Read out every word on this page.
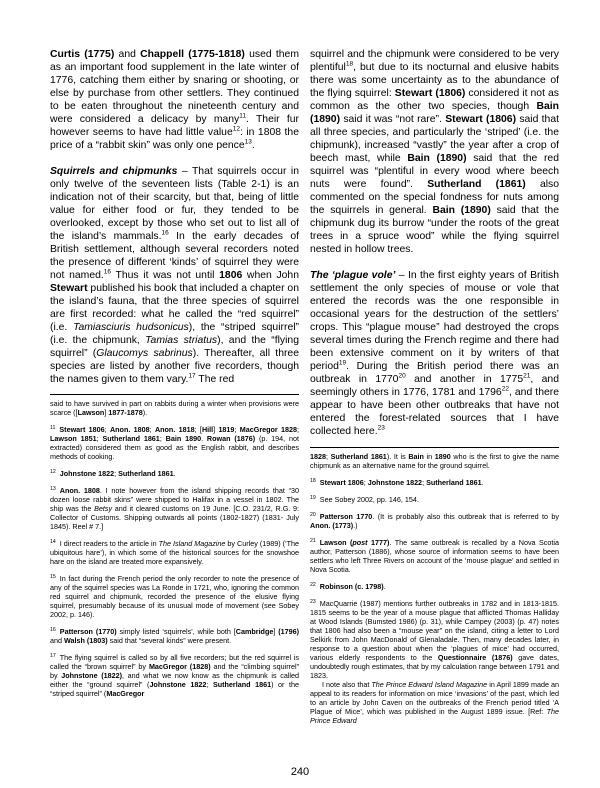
Curtis (1775) and Chappell (1775-1818) used them as an important food supplement in the late winter of 1776, catching them either by snaring or shooting, or else by purchase from other settlers. They continued to be eaten throughout the nineteenth century and were considered a delicacy by many$^{11}$. Their fur however seems to have had little value$^{12}$: in 1808 the price of a “rabbit skin” was only one pence$^{13}$.

Squirrels and chipmunks – That squirrels occur in only twelve of the seventeen lists (Table 2-1) is an indication not of their scarcity, but that, being of little value for either food or fur, they tended to be overlooked, except by those who set out to list all of the island’s mammals.$^{16}$ In the early decades of British settlement, although several recorders noted the presence of different ‘kinds’ of squirrel they were not named.$^{16}$ Thus it was not until 1806 when John Stewart published his book that included a chapter on the island’s fauna, that the three species of squirrel are first recorded: what he called the “red squirrel” (i.e. Tamiasciuris hudsonicus), the “striped squirrel” (i.e. the chipmunk, Tamias striatus), and the “flying squirrel” (Glaucomys sabrinus). Thereafter, all three species are listed by another five recorders, though the names given to them vary.$^{17}$ The red

said to have survived in part on rabbits during a winter when provisions were scarce ([Lawson] 1877-1878).

$^{11}$ Stewart 1806; Anon. 1808; Anon. 1818; [Hill] 1819; MacGregor 1828; Lawson 1851; Sutherland 1861; Bain 1890. Rowan (1876) (p. 194, not extracted) considered them as good as the English rabbit, and describes methods of cooking.

$^{12}$ Johnstone 1822; Sutherland 1861.

$^{13}$ Anon. 1808. I note however from the island shipping records that “30 dozen loose rabbit skins” were shipped to Halifax in a vessel in 1802. The ship was the Betsy and it cleared customs on 19 June. [C.O. 231/2, R.G. 9: Collector of Customs. Shipping outwards all points (1802-1827) (1831- July 1845). Reel # 7.]

$^{14}$ I direct readers to the article in The Island Magazine by Curley (1989) (‘The ubiquitous hare’), in which some of the historical sources for the snowshoe hare on the island are treated more expansively.

$^{15}$ In fact during the French period the only recorder to note the presence of any of the squirrel species was La Ronde in 1721, who, ignoring the common red squirrel and chipmunk, recorded the presence of the elusive flying squirrel, presumably because of its unusual mode of movement (see Sobey 2002, p. 146).

$^{16}$ Patterson (1770) simply listed ‘squirrels’, while both [Cambridge] (1796) and Walsh (1803) said that “several kinds” were present.

$^{17}$ The flying squirrel is called so by all five recorders; but the red squirrel is called the “brown squirrel” by MacGregor (1828) and the “climbing squirrel” by Johnstone (1822), and what we now know as the chipmunk is called either the “ground squirrel” (Johnstone 1822; Sutherland 1861) or the “striped squirrel” (MacGregor

squirrel and the chipmunk were considered to be very plentiful$^{18}$, but due to its nocturnal and elusive habits there was some uncertainty as to the abundance of the flying squirrel: Stewart (1806) considered it not as common as the other two species, though Bain (1890) said it was “not rare”. Stewart (1806) said that all three species, and particularly the ‘striped’ (i.e. the chipmunk), increased “vastly” the year after a crop of beech mast, while Bain (1890) said that the red squirrel was “plentiful in every wood where beech nuts were found”. Sutherland (1861) also commented on the special fondness for nuts among the squirrels in general. Bain (1890) said that the chipmunk dug its burrow “under the roots of the great trees in a spruce wood” while the flying squirrel nested in hollow trees.

The ‘plague vole’ – In the first eighty years of British settlement the only species of mouse or vole that entered the records was the one responsible in occasional years for the destruction of the settlers’ crops. This “plague mouse” had destroyed the crops several times during the French regime and there had been extensive comment on it by writers of that period$^{19}$. During the British period there was an outbreak in 1770$^{20}$ and another in 1775$^{21}$, and seemingly others in 1776, 1781 and 1796$^{22}$, and there appear to have been other outbreaks that have not entered the forest-related sources that I have collected here.$^{23}$

1828; Sutherland 1861). It is Bain in 1890 who is the first to give the name chipmunk as an alternative name for the ground squirrel.

$^{18}$ Stewart 1806; Johnstone 1822; Sutherland 1861.

$^{19}$ See Sobey 2002, pp. 146, 154.

$^{20}$ Patterson 1770. (It is probably also this outbreak that is referred to by Anon. (1773).)

$^{21}$ Lawson (post 1777). The same outbreak is recalled by a Nova Scotia author, Patterson (1886), whose source of information seems to have been settlers who left Three Rivers on account of the ‘mouse plague’ and settled in Nova Scotia.

$^{22}$ Robinson (c. 1798).

$^{23}$ MacQuarrie (1987) mentions further outbreaks in 1782 and in 1813-1815. 1815 seems to be the year of a mouse plague that afflicted Thomas Halliday at Wood Islands (Bumsted 1986) (p. 31), while Campey (2003) (p. 47) notes that 1806 had also been a “mouse year” on the island, citing a letter to Lord Selkirk from John MacDonald of Glenaladale. Then, many decades later, in response to a question about when the ‘plagues of mice’ had occurred, various elderly respondents to the Questionnaire (1876) gave dates, undoubtedly rough estimates, that by my calculation range between 1791 and 1823.

I note also that The Prince Edward Island Magazine in April 1899 made an appeal to its readers for information on mice ‘invasions’ of the past, which led to an article by John Caven on the outbreaks of the French period titled ‘A Plague of Mice’, which was published in the August 1899 issue. [Ref: The Prince Edward

240
